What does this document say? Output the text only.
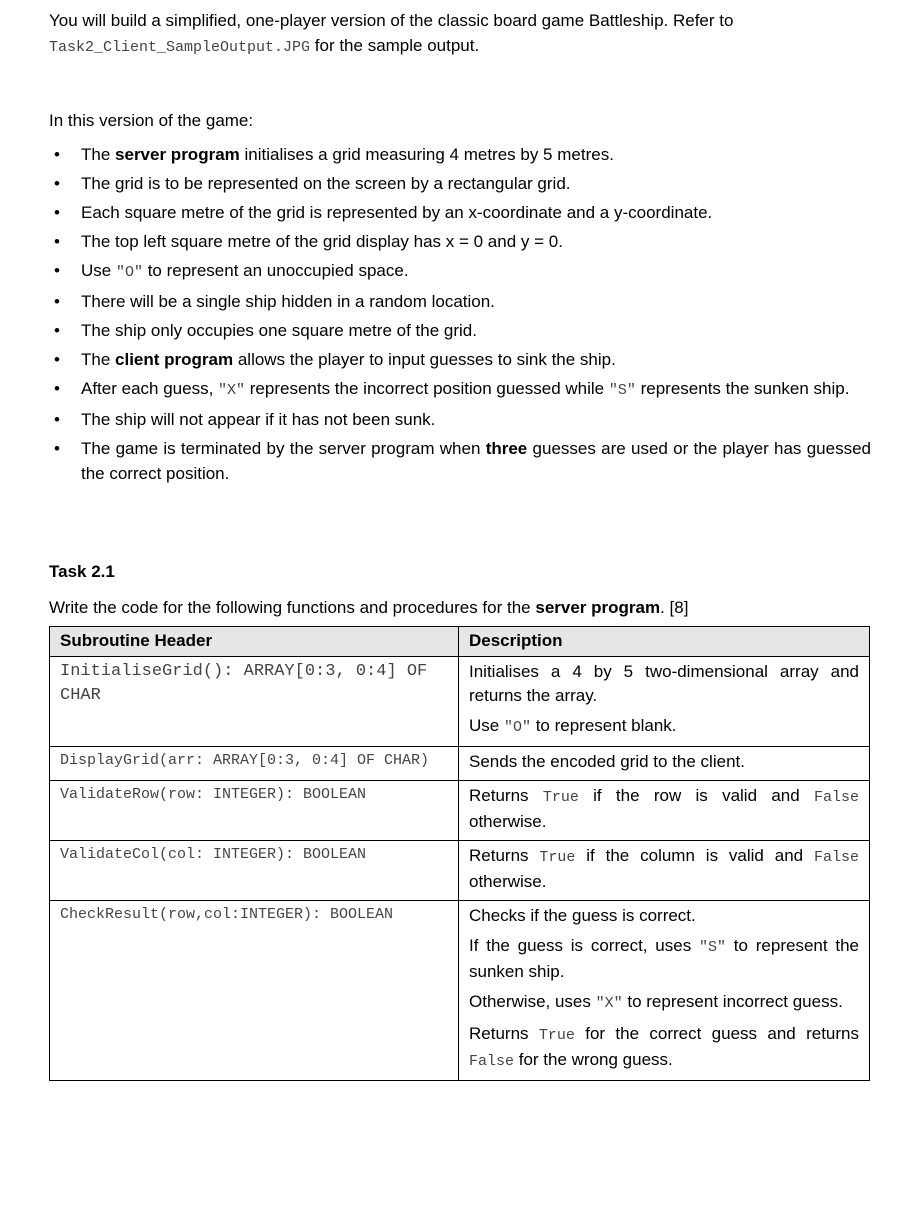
You will build a simplified, one-player version of the classic board game Battleship. Refer to Task2_Client_SampleOutput.JPG for the sample output.
In this version of the game:
• The server program initialises a grid measuring 4 metres by 5 metres.
• The grid is to be represented on the screen by a rectangular grid.
• Each square metre of the grid is represented by an x-coordinate and a y-coordinate.
• The top left square metre of the grid display has x = 0 and y = 0.
• Use "O" to represent an unoccupied space.
• There will be a single ship hidden in a random location.
• The ship only occupies one square metre of the grid.
• The client program allows the player to input guesses to sink the ship.
• After each guess, "X" represents the incorrect position guessed while "S" represents the sunken ship.
• The ship will not appear if it has not been sunk.
• The game is terminated by the server program when three guesses are used or the player has guessed the correct position.
Task 2.1
Write the code for the following functions and procedures for the server program. [8]
Subroutine Header	Description

InitialiseGrid(): ARRAY[0:3, 0:4] OF CHAR	Initialises a 4 by 5 two-dimensional array and returns the array.

Use "O" to represent blank.

DisplayGrid(arr: ARRAY[0:3, 0:4] OF CHAR)	Sends the encoded grid to the client.

ValidateRow(row: INTEGER): BOOLEAN	Returns True if the row is valid and False otherwise.

ValidateCol(col: INTEGER): BOOLEAN	Returns True if the column is valid and False otherwise.

CheckResult(row,col:INTEGER): BOOLEAN	Checks if the guess is correct.

If the guess is correct, uses "S" to represent the sunken ship.

Otherwise, uses "X" to represent incorrect guess.

Returns True for the correct guess and returns False for the wrong guess.
